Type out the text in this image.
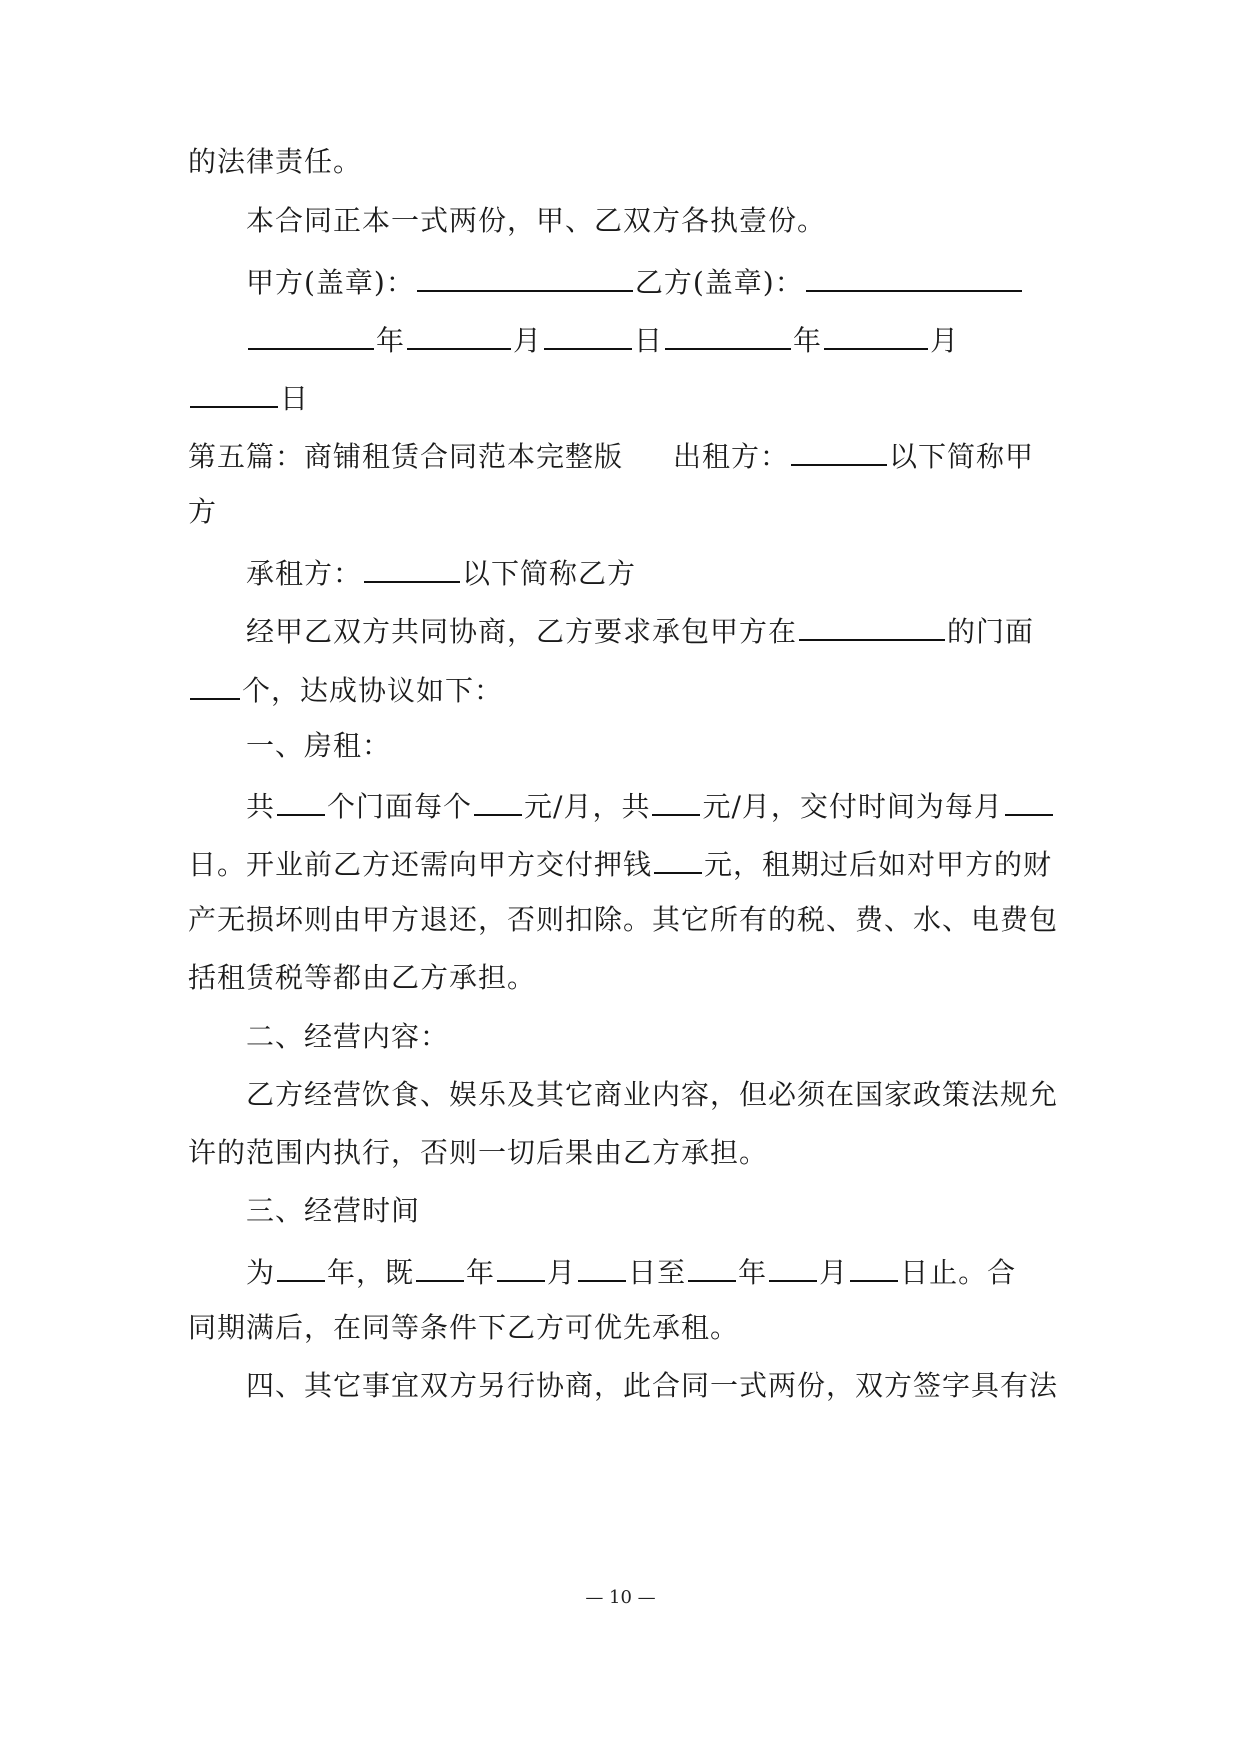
的法律责任。
本合同正本一式两份，甲、乙双方各执壹份。
甲方(盖章)：	乙方(盖章)：
年	月	日	年	月
日
第五篇：商铺租赁合同范本完整版 出租方：	以下简称甲
方
承租方：	以下简称乙方
经甲乙双方共同协商，乙方要求承包甲方在	的门面
个，达成协议如下：
一、房租：
共 个门面每个 元/月，共 元/月，交付时间为每月
日。开业前乙方还需向甲方交付押钱 元，租期过后如对甲方的财
产无损坏则由甲方退还，否则扣除。其它所有的税、费、水、电费包
括租赁税等都由乙方承担。
二、经营内容：
乙方经营饮食、娱乐及其它商业内容，但必须在国家政策法规允
许的范围内执行，否则一切后果由乙方承担。
三、经营时间
为 年，既 年 月 日至 年 月 日止。合
同期满后，在同等条件下乙方可优先承租。
四、其它事宜双方另行协商，此合同一式两份，双方签字具有法
— 10 —
